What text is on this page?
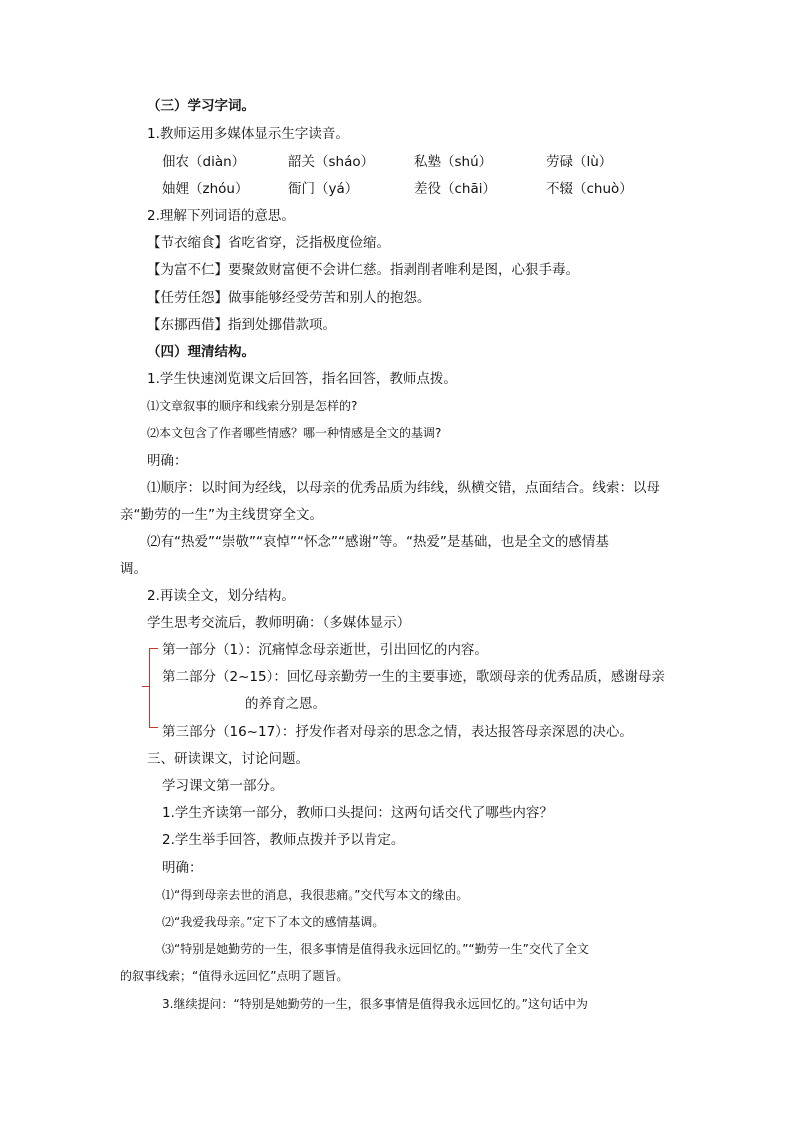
（三）学习字词。
1.教师运用多媒体显示生字读音。
佃农（diàn）	韶关（sháo）	私塾（shú）	劳碌（lù）
妯娌（zhóu）	衙门（yá）	差役（chāi）	不辍（chuò）
2.理解下列词语的意思。
【节衣缩食】省吃省穿，泛指极度俭缩。
【为富不仁】要聚敛财富便不会讲仁慈。指剥削者唯利是图，心狠手毒。
【任劳任怨】做事能够经受劳苦和别人的抱怨。
【东挪西借】指到处挪借款项。
（四）理清结构。
1.学生快速浏览课文后回答，指名回答，教师点拨。
⑴文章叙事的顺序和线索分别是怎样的?
⑵本文包含了作者哪些情感？哪一种情感是全文的基调?
明确：
⑴顺序：以时间为经线，以母亲的优秀品质为纬线，纵横交错，点面结合。线索：以母
亲“勤劳的一生”为主线贯穿全文。
⑵有“热爱”“崇敬”“哀悼”“怀念”“感谢”等。“热爱”是基础，也是全文的感情基
调。
2.再读全文，划分结构。
学生思考交流后，教师明确：（多媒体显示）
第一部分（1）：沉痛悼念母亲逝世，引出回忆的内容。
第二部分（2~15）：回忆母亲勤劳一生的主要事迹，歌颂母亲的优秀品质，感谢母亲
的养育之恩。
第三部分（16~17）：抒发作者对母亲的思念之情，表达报答母亲深恩的决心。
三、研读课文，讨论问题。
学习课文第一部分。
1.学生齐读第一部分，教师口头提问：这两句话交代了哪些内容？
2.学生举手回答，教师点拨并予以肯定。
明确：
⑴“得到母亲去世的消息，我很悲痛。”交代写本文的缘由。
⑵“我爱我母亲。”定下了本文的感情基调。
⑶“特别是她勤劳的一生，很多事情是值得我永远回忆的。”“勤劳一生”交代了全文
的叙事线索；“值得永远回忆”点明了题旨。
3.继续提问：“特别是她勤劳的一生，很多事情是值得我永远回忆的。”这句话中为
